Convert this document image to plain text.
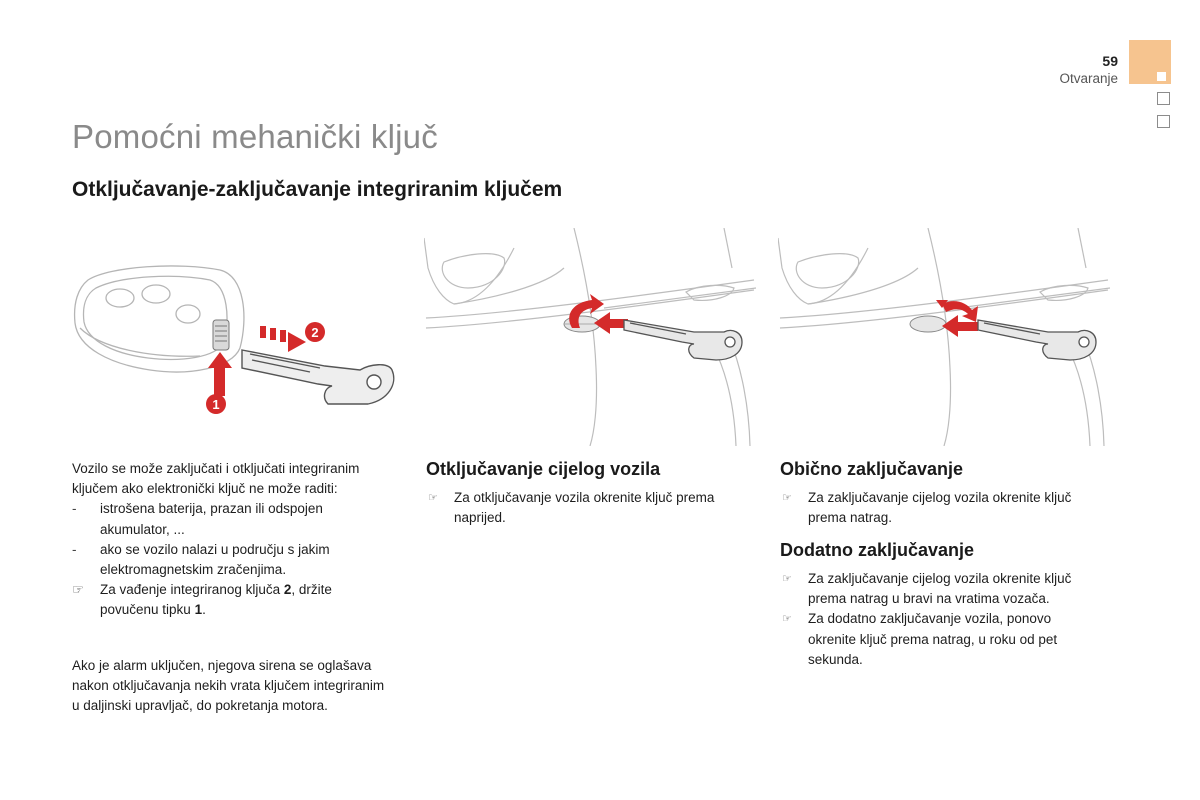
59
Otvaranje
Pomoćni mehanički ključ
Otključavanje-zaključavanje integriranim ključem
2
1
Vozilo se može zaključati i otključati integriranim ključem ako elektronički ključ ne može raditi:
-	istrošena baterija, prazan ili odspojen akumulator, ...
-	ako se vozilo nalazi u području s jakim elektromagnetskim zračenjima.
☞	Za vađenje integriranog ključa 2, držite povučenu tipku 1.

Ako je alarm uključen, njegova sirena se oglašava nakon otključavanja nekih vrata ključem integriranim u daljinski upravljač, do pokretanja motora.

Otključavanje cijelog vozila
☞ Za otključavanje vozila okrenite ključ prema naprijed.
Obično zaključavanje
☞ Za zaključavanje cijelog vozila okrenite ključ prema natrag.
Dodatno zaključavanje
☞ Za zaključavanje cijelog vozila okrenite ključ prema natrag u bravi na vratima vozača.
☞ Za dodatno zaključavanje vozila, ponovo okrenite ključ prema natrag, u roku od pet sekunda.
